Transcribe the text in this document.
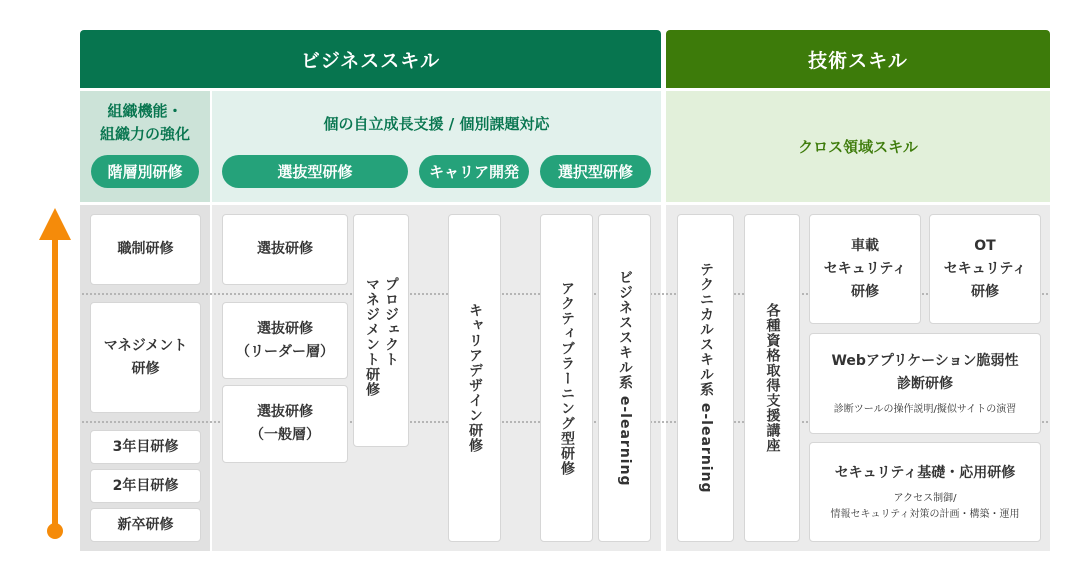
ビジネススキル	技術スキル
組織機能・
組織力の強化
階層別研修
個の自立成長支援 / 個別課題対応
選抜型研修	キャリア開発	選択型研修
クロス領域スキル
職制研修
マネジメント
研修
3年目研修
2年目研修
新卒研修
選抜研修
選抜研修
（リーダー層）
選抜研修
（一般層）
プロジェクト
マネジメント研修	キャリアデザイン研修	アクティブラーニング型研修	ビジネススキル系 e-learning	テクニカルスキル系 e-learning	各種資格取得支援講座
車載
セキュリティ
研修
OT
セキュリティ
研修
Webアプリケーション脆弱性
診断研修
診断ツールの操作説明/擬似サイトの演習
セキュリティ基礎・応用研修
アクセス制御/
情報セキュリティ対策の計画・構築・運用
